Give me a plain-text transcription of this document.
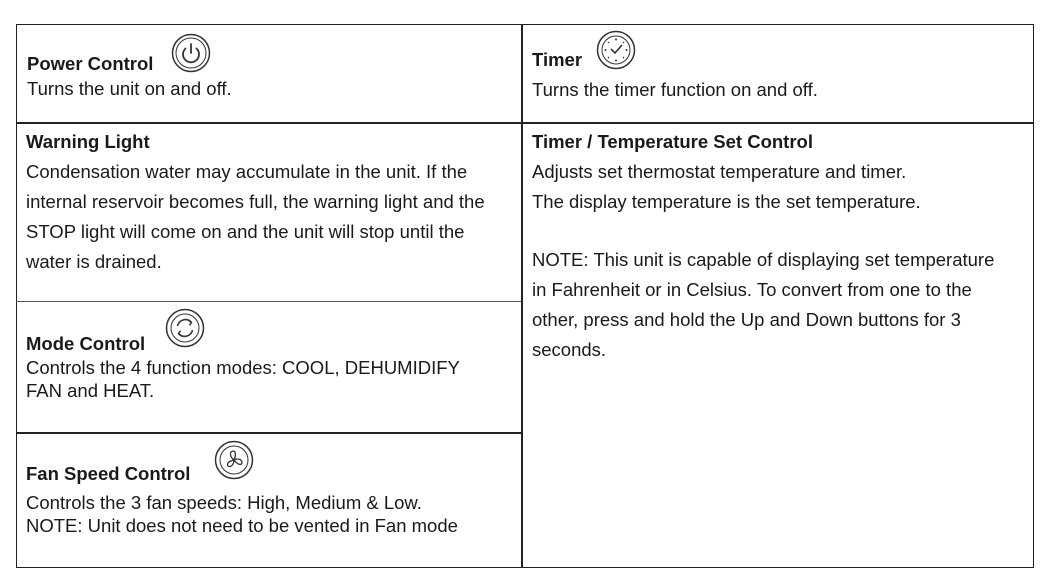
Power Control
Turns the unit on and off.
Timer
Turns the timer function on and off.
Warning Light
Condensation water may accumulate in the unit. If the
internal reservoir becomes full, the warning light and the
STOP light will come on and the unit will stop until the
water is drained.
Timer / Temperature Set Control
Adjusts set thermostat temperature and timer.
The display temperature is the set temperature.
NOTE: This unit is capable of displaying set temperature
in Fahrenheit or in Celsius. To convert from one to the
other, press and hold the Up and Down buttons for 3
seconds.
Mode Control
Controls the 4 function modes: COOL, DEHUMIDIFY
FAN and HEAT.
Fan Speed Control
Controls the 3 fan speeds: High, Medium & Low.
NOTE: Unit does not need to be vented in Fan mode
